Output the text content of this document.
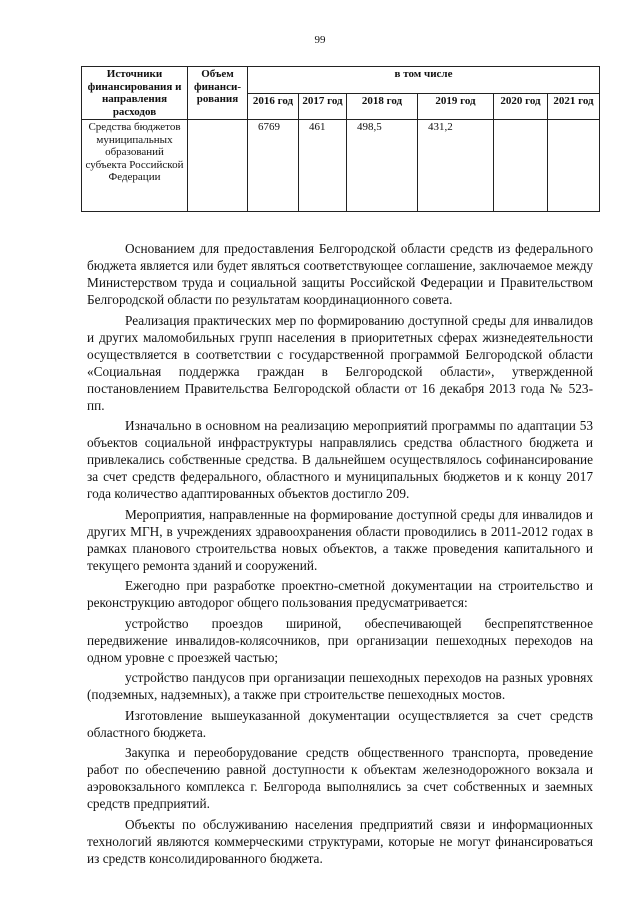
99
Источники финансирования и направления расходов	Объем финанси-рования	в том числе					
		2016 год	2017 год	2018 год	2019 год	2020 год	2021 год
Средства бюджетов муниципальных образований субъекта Российской Федерации		6769	461	498,5	431,2		

Основанием для предоставления Белгородской области средств из федерального бюджета является или будет являться соответствующее соглашение, заключаемое между Министерством труда и социальной защиты Российской Федерации и Правительством Белгородской области по результатам координационного совета.

Реализация практических мер по формированию доступной среды для инвалидов и других маломобильных групп населения в приоритетных сферах жизнедеятельности осуществляется в соответствии с государственной программой Белгородской области «Социальная поддержка граждан в Белгородской области», утвержденной постановлением Правительства Белгородской области от 16 декабря 2013 года № 523-пп.

Изначально в основном на реализацию мероприятий программы по адаптации 53 объектов социальной инфраструктуры направлялись средства областного бюджета и привлекались собственные средства. В дальнейшем осуществлялось софинансирование за счет средств федерального, областного и муниципальных бюджетов и к концу 2017 года количество адаптированных объектов достигло 209.

Мероприятия, направленные на формирование доступной среды для инвалидов и других МГН, в учреждениях здравоохранения области проводились в 2011-2012 годах в рамках планового строительства новых объектов, а также проведения капитального и текущего ремонта зданий и сооружений.

Ежегодно при разработке проектно-сметной документации на строительство и реконструкцию автодорог общего пользования предусматривается:

устройство проездов шириной, обеспечивающей беспрепятственное передвижение инвалидов-колясочников, при организации пешеходных переходов на одном уровне с проезжей частью;

устройство пандусов при организации пешеходных переходов на разных уровнях (подземных, надземных), а также при строительстве пешеходных мостов.

Изготовление вышеуказанной документации осуществляется за счет средств областного бюджета.

Закупка и переоборудование средств общественного транспорта, проведение работ по обеспечению равной доступности к объектам железнодорожного вокзала и аэровокзального комплекса г. Белгорода выполнялись за счет собственных и заемных средств предприятий.

Объекты по обслуживанию населения предприятий связи и информационных технологий являются коммерческими структурами, которые не могут финансироваться из средств консолидированного бюджета.
